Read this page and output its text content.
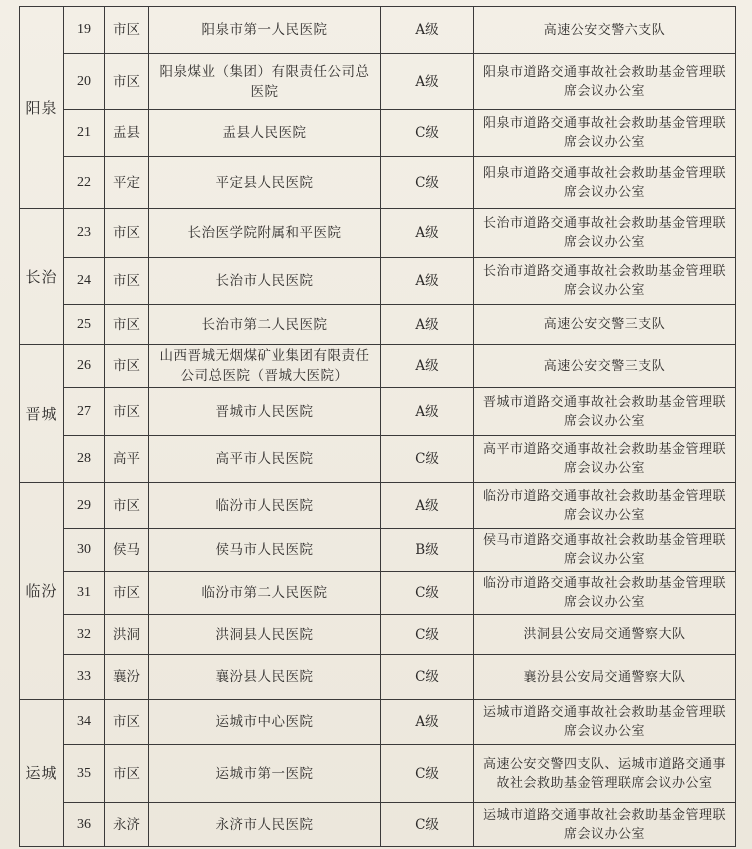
阳泉	19	市区	阳泉市第一人民医院	A级	高速公安交警六支队
	20	市区	阳泉煤业（集团）有限责任公司总医院	A级	阳泉市道路交通事故社会救助基金管理联席会议办公室
	21	盂县	盂县人民医院	C级	阳泉市道路交通事故社会救助基金管理联席会议办公室
	22	平定	平定县人民医院	C级	阳泉市道路交通事故社会救助基金管理联席会议办公室
长治	23	市区	长治医学院附属和平医院	A级	长治市道路交通事故社会救助基金管理联席会议办公室
	24	市区	长治市人民医院	A级	长治市道路交通事故社会救助基金管理联席会议办公室
	25	市区	长治市第二人民医院	A级	高速公安交警三支队
晋城	26	市区	山西晋城无烟煤矿业集团有限责任公司总医院（晋城大医院）	A级	高速公安交警三支队
	27	市区	晋城市人民医院	A级	晋城市道路交通事故社会救助基金管理联席会议办公室
	28	高平	高平市人民医院	C级	高平市道路交通事故社会救助基金管理联席会议办公室
临汾	29	市区	临汾市人民医院	A级	临汾市道路交通事故社会救助基金管理联席会议办公室
	30	侯马	侯马市人民医院	B级	侯马市道路交通事故社会救助基金管理联席会议办公室
	31	市区	临汾市第二人民医院	C级	临汾市道路交通事故社会救助基金管理联席会议办公室
	32	洪洞	洪洞县人民医院	C级	洪洞县公安局交通警察大队
	33	襄汾	襄汾县人民医院	C级	襄汾县公安局交通警察大队
运城	34	市区	运城市中心医院	A级	运城市道路交通事故社会救助基金管理联席会议办公室
	35	市区	运城市第一医院	C级	高速公安交警四支队、运城市道路交通事故社会救助基金管理联席会议办公室
	36	永济	永济市人民医院	C级	运城市道路交通事故社会救助基金管理联席会议办公室
